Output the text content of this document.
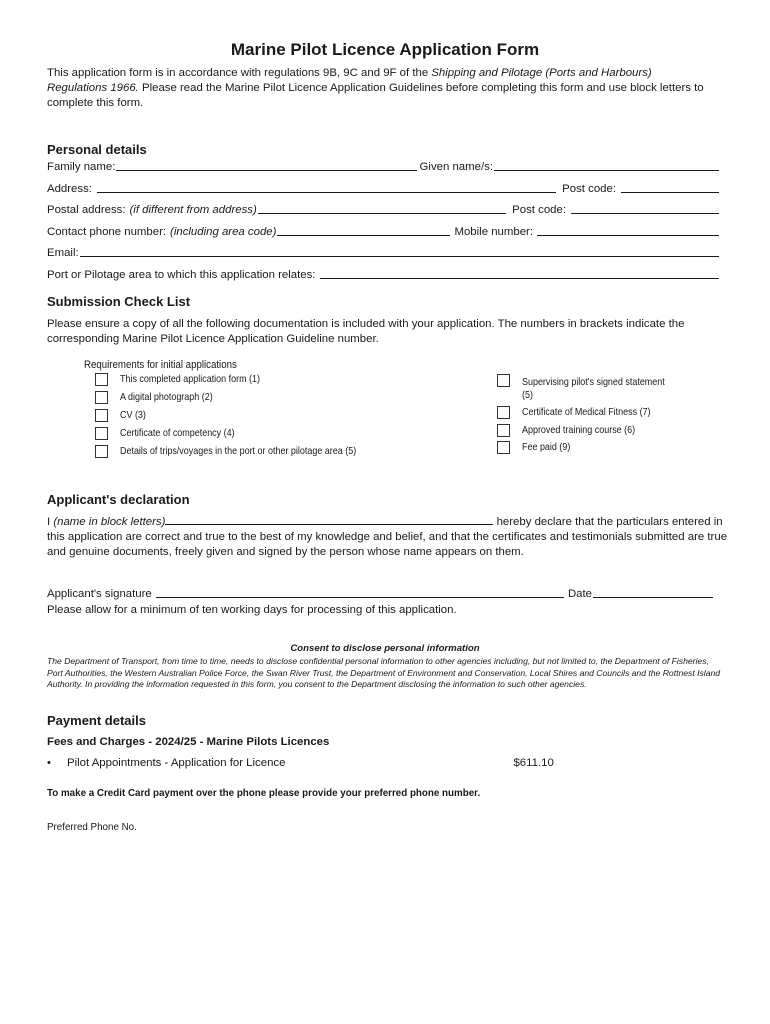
Marine Pilot Licence Application Form
This application form is in accordance with regulations 9B, 9C and 9F of the Shipping and Pilotage (Ports and Harbours) Regulations 1966. Please read the Marine Pilot Licence Application Guidelines before completing this form and use block letters to complete this form.
Personal details
Family name:	Given name/s:
Address:	Post code:
Postal address: (if different from address)	Post code:
Contact phone number: (including area code)	Mobile number:
Email:
Port or Pilotage area to which this application relates:
Submission Check List
Please ensure a copy of all the following documentation is included with your application. The numbers in brackets indicate the corresponding Marine Pilot Licence Application Guideline number.
Requirements for initial applications
This completed application form (1)
A digital photograph (2)
CV (3)
Certificate of competency (4)
Details of trips/voyages in the port or other pilotage area (5)
Supervising pilot's signed statement
(5)
Certificate of Medical Fitness (7)
Approved training course (6)
Fee paid (9)
Applicant's declaration
I (name in block letters)	hereby declare that the particulars entered in this application are correct and true to the best of my knowledge and belief, and that the certificates and testimonials submitted are true and genuine documents, freely given and signed by the person whose name appears on them.
Applicant's signature	Date
Please allow for a minimum of ten working days for processing of this application.
Consent to disclose personal information
The Department of Transport, from time to time, needs to disclose confidential personal information to other agencies including, but not limited to, the Department of Fisheries, Port Authorities, the Western Australian Police Force, the Swan River Trust, the Department of Environment and Conservation, Local Shires and Councils and the Rottnest Island Authority. In providing the information requested in this form, you consent to the Department disclosing the information to such other agencies.
Payment details
Fees and Charges - 2024/25 - Marine Pilots Licences
• Pilot Appointments - Application for Licence	$611.10
To make a Credit Card payment over the phone please provide your preferred phone number.
Preferred Phone No.
